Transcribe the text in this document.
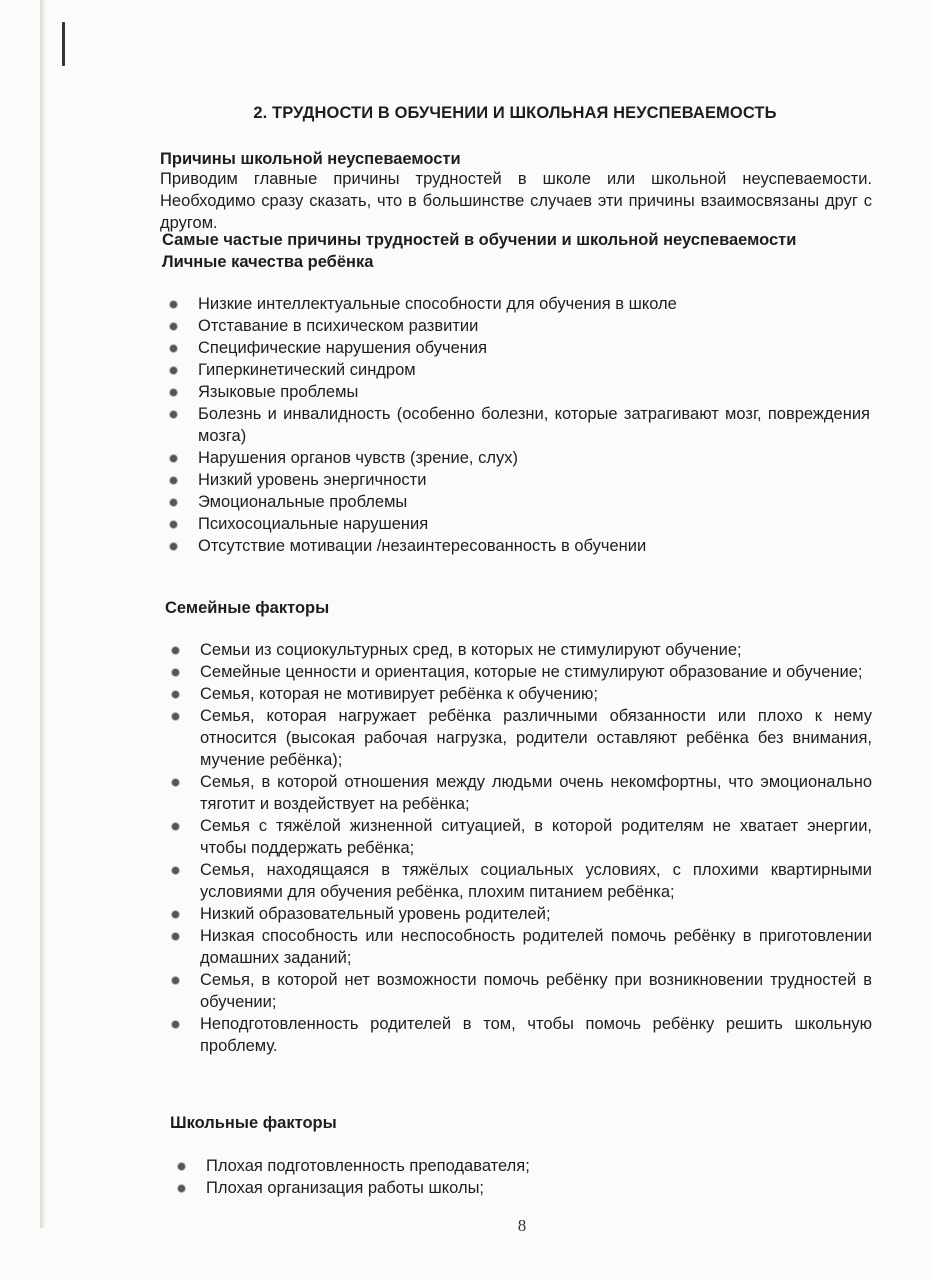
2. ТРУДНОСТИ В ОБУЧЕНИИ И ШКОЛЬНАЯ НЕУСПЕВАЕМОСТЬ
Причины школьной неуспеваемости
Приводим главные причины трудностей в школе или школьной неуспеваемости. Необходимо сразу сказать, что в большинстве случаев эти причины взаимосвязаны друг с другом.
Самые частые причины трудностей в обучении и школьной неуспеваемости
Личные качества ребёнка
Низкие интеллектуальные способности для обучения в школе
Отставание в психическом развитии
Специфические нарушения обучения
Гиперкинетический синдром
Языковые проблемы
Болезнь и инвалидность (особенно болезни, которые затрагивают мозг, повреждения мозга)
Нарушения органов чувств (зрение, слух)
Низкий уровень энергичности
Эмоциональные проблемы
Психосоциальные нарушения
Отсутствие мотивации /незаинтересованность в обучении
Семейные факторы
Семьи из социокультурных сред, в которых не стимулируют обучение;
Семейные ценности и ориентация, которые не стимулируют образование и обучение;
Семья, которая не мотивирует ребёнка к обучению;
Семья, которая нагружает ребёнка различными обязанности или плохо к нему относится (высокая рабочая нагрузка, родители оставляют ребёнка без внимания, мучение ребёнка);
Семья, в которой отношения между людьми очень некомфортны, что эмоционально тяготит и воздействует на ребёнка;
Семья с тяжёлой жизненной ситуацией, в которой родителям не хватает энергии, чтобы поддержать ребёнка;
Семья, находящаяся в тяжёлых социальных условиях, с плохими квартирными условиями для обучения ребёнка, плохим питанием ребёнка;
Низкий образовательный уровень родителей;
Низкая способность или неспособность родителей помочь ребёнку в приготовлении домашних заданий;
Семья, в которой нет возможности помочь ребёнку при возникновении трудностей в обучении;
Неподготовленность родителей в том, чтобы помочь ребёнку решить школьную проблему.
Школьные факторы
Плохая подготовленность преподавателя;
Плохая организация работы школы;
8
